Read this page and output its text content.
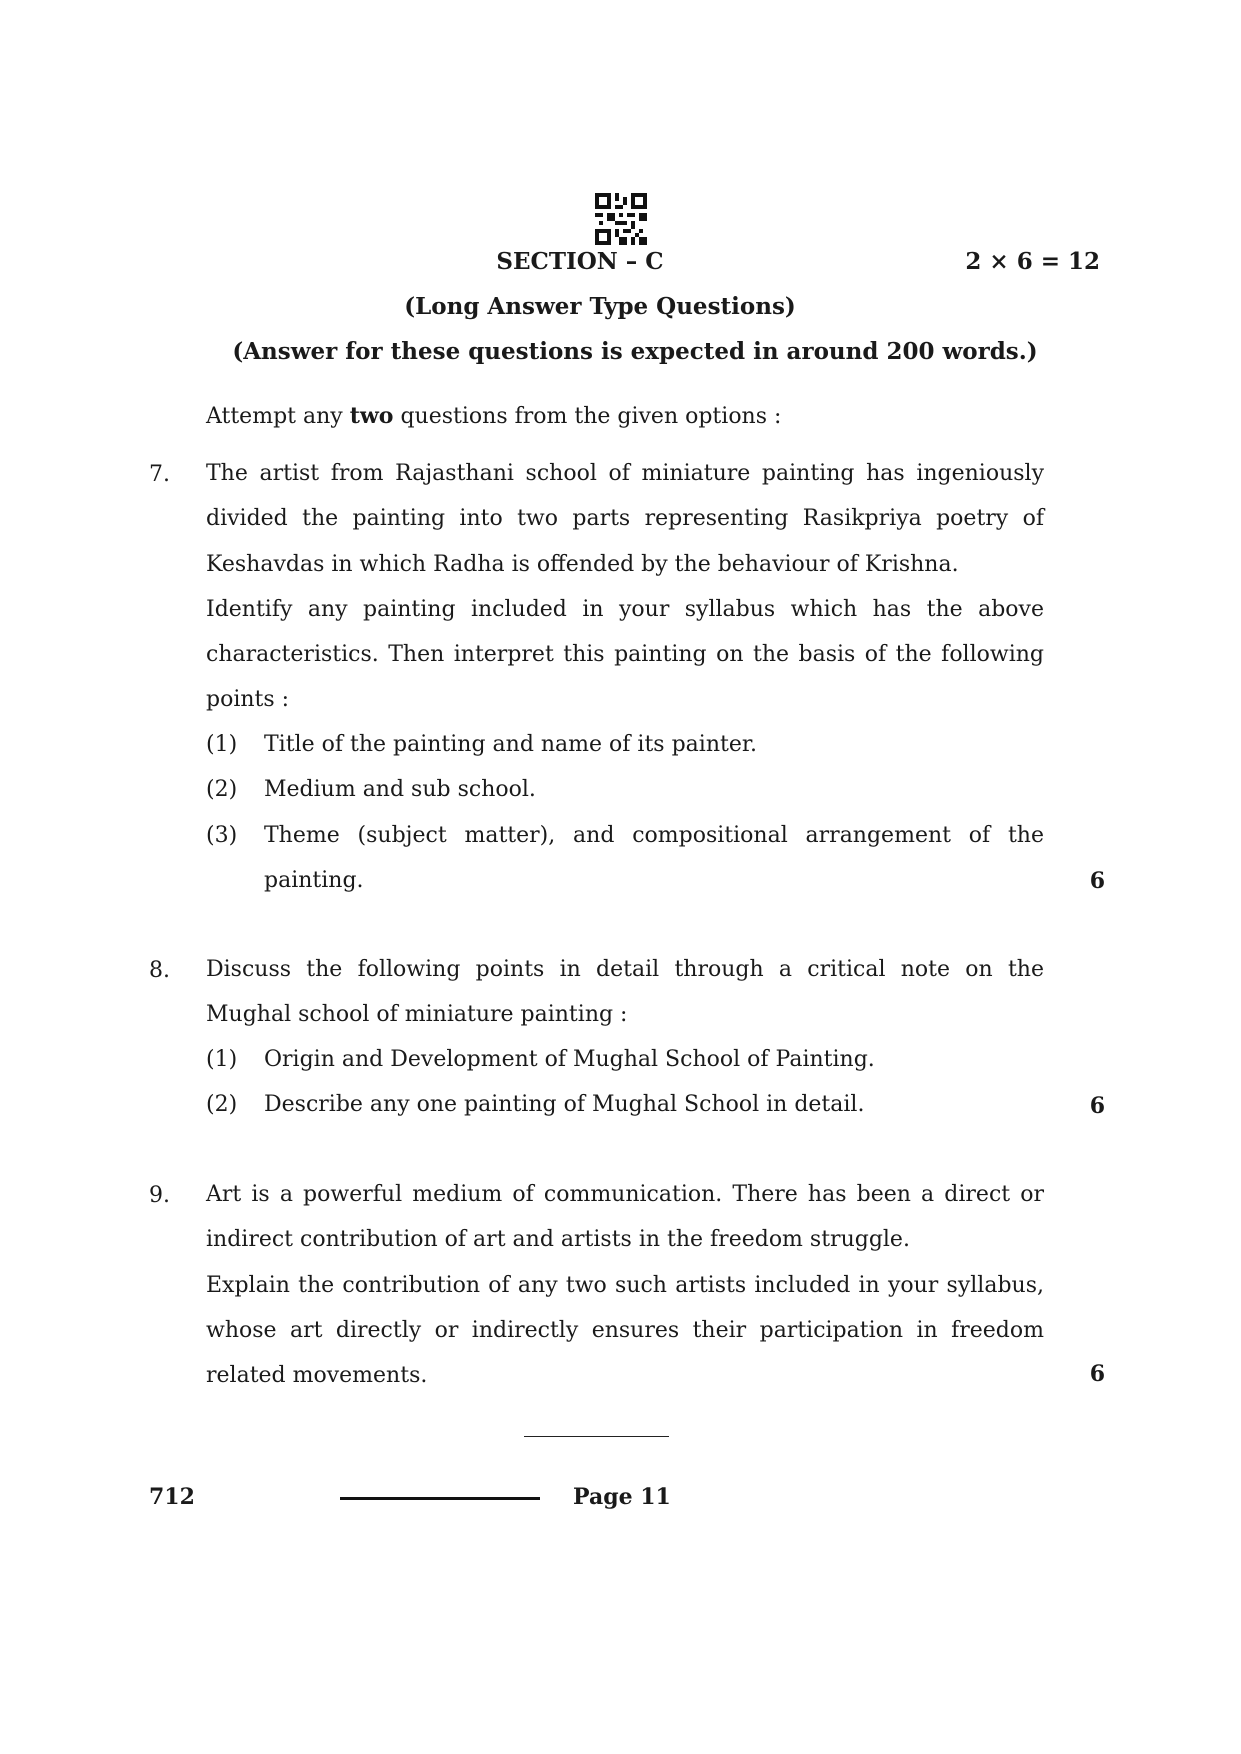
SECTION – C	2 × 6 = 12
(Long Answer Type Questions)
(Answer for these questions is expected in around 200 words.)
Attempt any two questions from the given options :
7. The artist from Rajasthani school of miniature painting has ingeniously divided the painting into two parts representing Rasikpriya poetry of Keshavdas in which Radha is offended by the behaviour of Krishna.

Identify any painting included in your syllabus which has the above characteristics. Then interpret this painting on the basis of the following points :

(1)	Title of the painting and name of its painter.
(2)	Medium and sub school.
(3)	Theme (subject matter), and compositional arrangement of the painting.	6
8. Discuss the following points in detail through a critical note on the Mughal school of miniature painting :

(1)	Origin and Development of Mughal School of Painting.
(2)	Describe any one painting of Mughal School in detail.	6
9. Art is a powerful medium of communication. There has been a direct or indirect contribution of art and artists in the freedom struggle.

Explain the contribution of any two such artists included in your syllabus, whose art directly or indirectly ensures their participation in freedom related movements.	6
712	Page 11
